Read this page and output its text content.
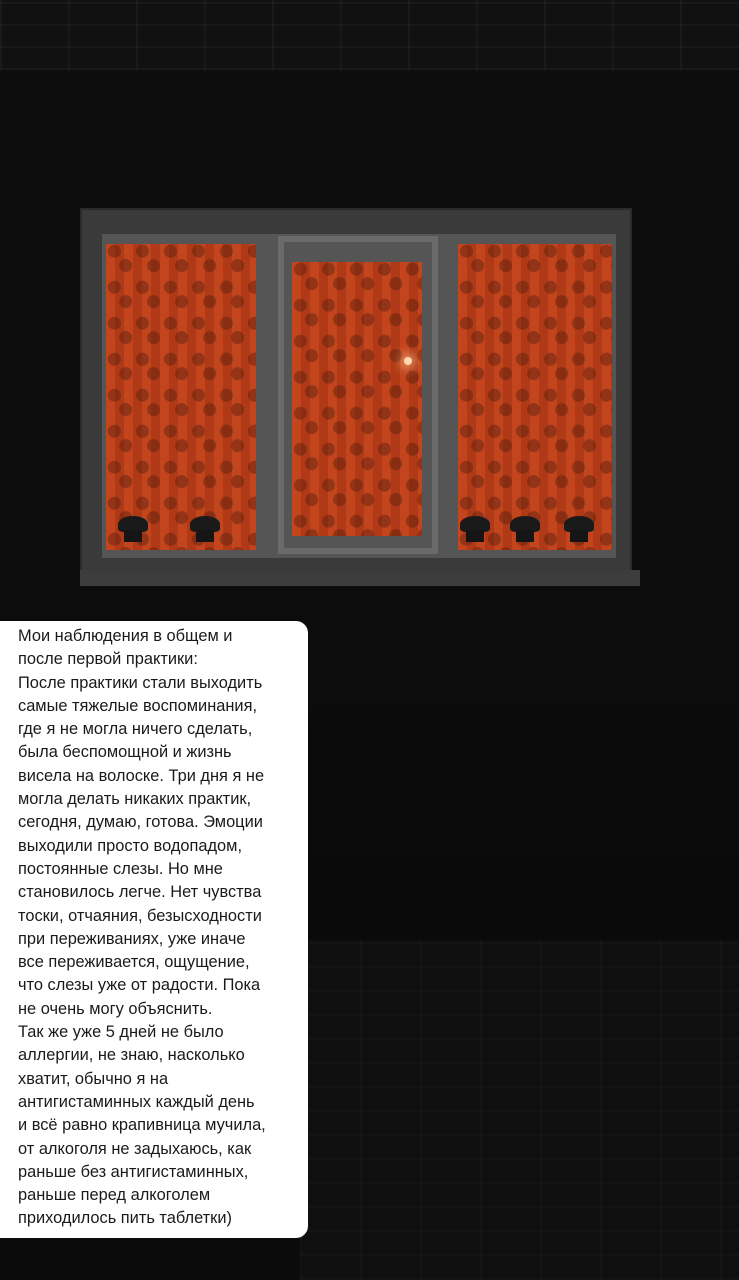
Мои наблюдения в общем и
после первой практики:
После практики стали выходить
самые тяжелые воспоминания,
где я не могла ничего сделать,
была беспомощной и жизнь
висела на волоске. Три дня я не
могла делать никаких практик,
сегодня, думаю, готова. Эмоции
выходили просто водопадом,
постоянные слезы. Но мне
становилось легче. Нет чувства
тоски, отчаяния, безысходности
при переживаниях, уже иначе
все переживается, ощущение,
что слезы уже от радости. Пока
не очень могу объяснить.
Так же уже 5 дней не было
аллергии, не знаю, насколько
хватит, обычно я на
антигистаминных каждый день
и всё равно крапивница мучила,
от алкоголя не задыхаюсь, как
раньше без антигистаминных,
раньше перед алкоголем
приходилось пить таблетки)
